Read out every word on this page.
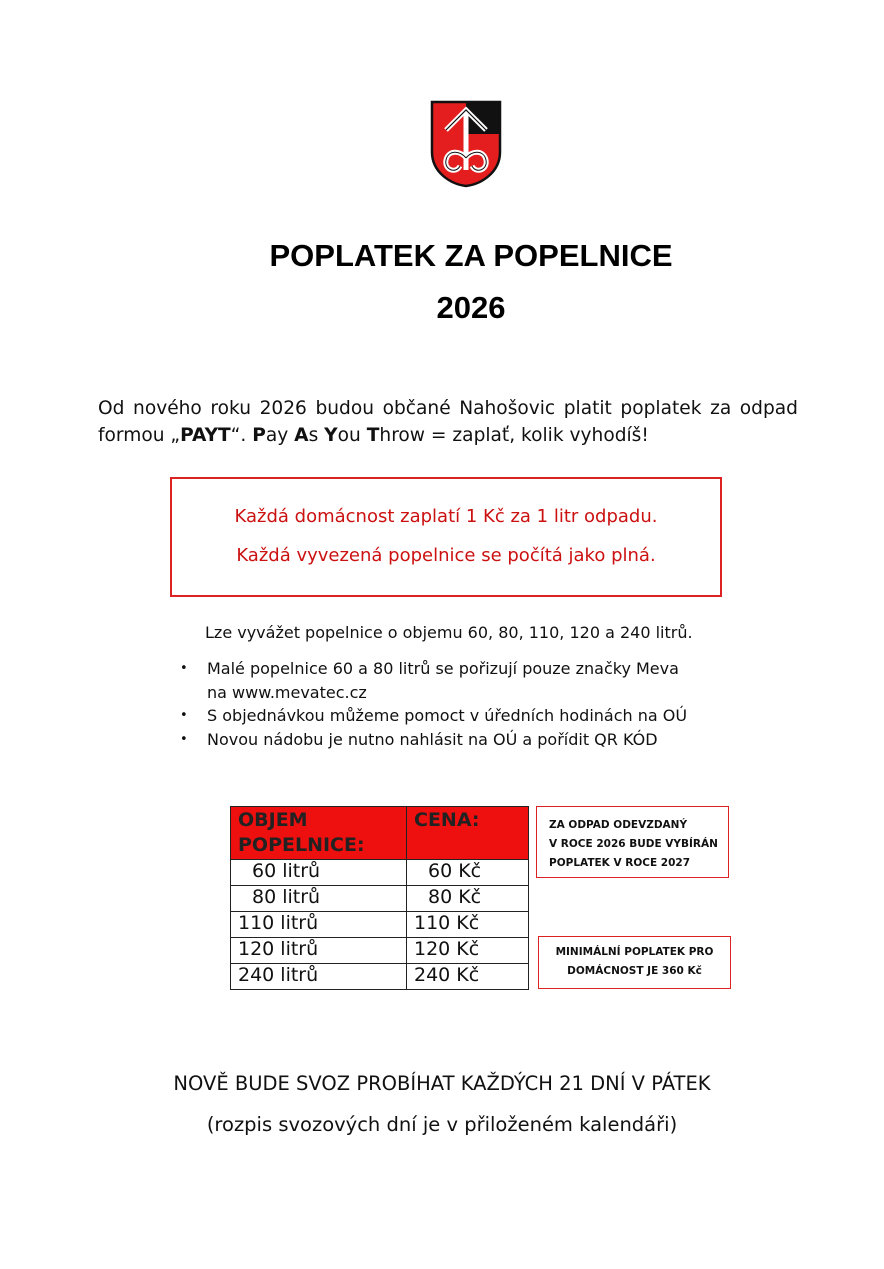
POPLATEK ZA POPELNICE
2026
Od nového roku 2026 budou občané Nahošovic platit poplatek za odpad formou „PAYT“. Pay As You Throw = zaplať, kolik vyhodíš!
Každá domácnost zaplatí 1 Kč za 1 litr odpadu.
Každá vyvezená popelnice se počítá jako plná.
Lze vyvážet popelnice o objemu 60, 80, 110, 120 a 240 litrů.
• Malé popelnice 60 a 80 litrů se pořizují pouze značky Meva
na www.mevatec.cz
• S objednávkou můžeme pomoct v úředních hodinách na OÚ
• Novou nádobu je nutno nahlásit na OÚ a pořídit QR KÓD
OBJEM POPELNICE:	CENA:
60 litrů	60 Kč
80 litrů	80 Kč
110 litrů	110 Kč
120 litrů	120 Kč
240 litrů	240 Kč
ZA ODPAD ODEVZDANÝ
V ROCE 2026 BUDE VYBÍRÁN
POPLATEK V ROCE 2027
MINIMÁLNÍ POPLATEK PRO
DOMÁCNOST JE 360 Kč
NOVĚ BUDE SVOZ PROBÍHAT KAŽDÝCH 21 DNÍ V PÁTEK
(rozpis svozových dní je v přiloženém kalendáři)
